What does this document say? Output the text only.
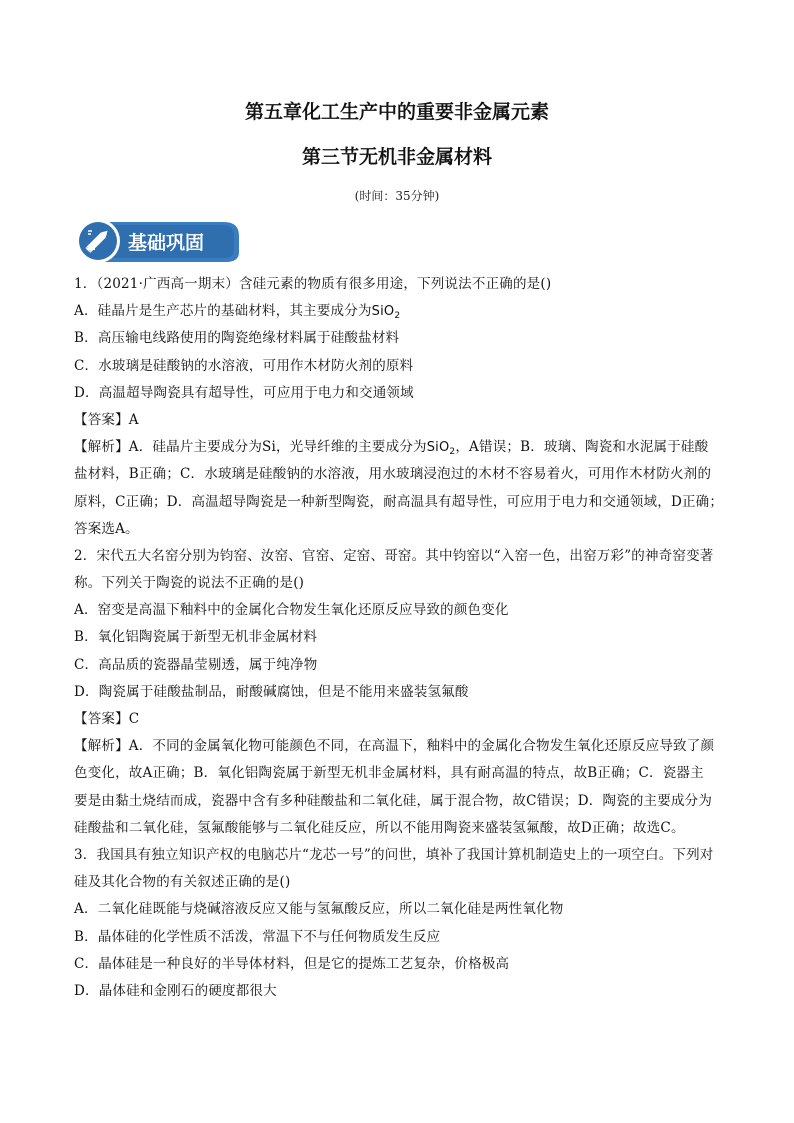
第五章化工生产中的重要非金属元素
第三节无机非金属材料
(时间：35分钟)
基础巩固
1．（2021·广西高一期末）含硅元素的物质有很多用途，下列说法不正确的是()
A．硅晶片是生产芯片的基础材料，其主要成分为SiO$_2$
B．高压输电线路使用的陶瓷绝缘材料属于硅酸盐材料
C．水玻璃是硅酸钠的水溶液，可用作木材防火剂的原料
D．高温超导陶瓷具有超导性，可应用于电力和交通领域
【答案】A
【解析】A．硅晶片主要成分为Si，光导纤维的主要成分为SiO$_2$，A错误；B．玻璃、陶瓷和水泥属于硅酸
盐材料，B正确；C．水玻璃是硅酸钠的水溶液，用水玻璃浸泡过的木材不容易着火，可用作木材防火剂的
原料，C正确；D．高温超导陶瓷是一种新型陶瓷，耐高温具有超导性，可应用于电力和交通领域，D正确；
答案选A。
2．宋代五大名窑分别为钧窑、汝窑、官窑、定窑、哥窑。其中钧窑以“入窑一色，出窑万彩”的神奇窑变著
称。下列关于陶瓷的说法不正确的是()
A．窑变是高温下釉料中的金属化合物发生氧化还原反应导致的颜色变化
B．氧化铝陶瓷属于新型无机非金属材料
C．高品质的瓷器晶莹剔透，属于纯净物
D．陶瓷属于硅酸盐制品，耐酸碱腐蚀，但是不能用来盛装氢氟酸
【答案】C
【解析】A．不同的金属氧化物可能颜色不同，在高温下，釉料中的金属化合物发生氧化还原反应导致了颜
色变化，故A正确；B．氧化铝陶瓷属于新型无机非金属材料，具有耐高温的特点，故B正确；C．瓷器主
要是由黏土烧结而成，瓷器中含有多种硅酸盐和二氧化硅，属于混合物，故C错误；D．陶瓷的主要成分为
硅酸盐和二氧化硅，氢氟酸能够与二氧化硅反应，所以不能用陶瓷来盛装氢氟酸，故D正确；故选C。
3．我国具有独立知识产权的电脑芯片“龙芯一号”的问世，填补了我国计算机制造史上的一项空白。下列对
硅及其化合物的有关叙述正确的是()
A．二氧化硅既能与烧碱溶液反应又能与氢氟酸反应，所以二氧化硅是两性氧化物
B．晶体硅的化学性质不活泼，常温下不与任何物质发生反应
C．晶体硅是一种良好的半导体材料，但是它的提炼工艺复杂，价格极高
D．晶体硅和金刚石的硬度都很大
